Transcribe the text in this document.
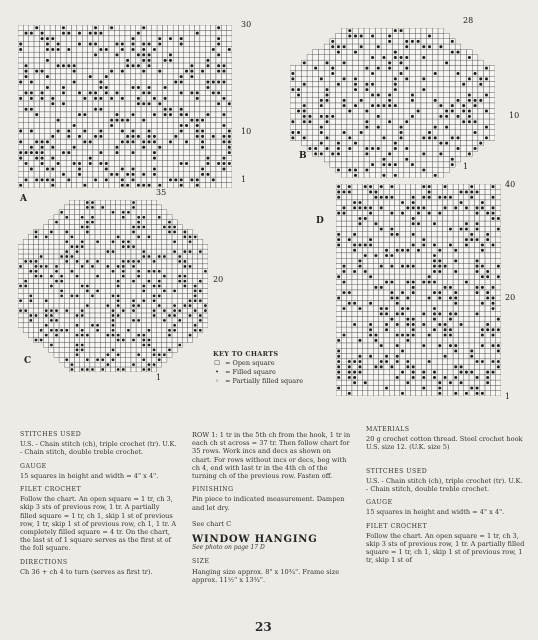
30
10
1
A
28
10
1
B
35
20
1
C
40
20
1
D
KEY TO CHARTS
☐ = Open square
• = Filled square
◦ = Partially filled square
STITCHES USED

U.S. - Chain stitch (ch), triple crochet (tr). U.K. - Chain stitch, double treble crochet.

GAUGE

15 squares in height and width = 4" x 4".

FILET CROCHET

Follow the chart. An open square = 1 tr, ch 3, skip 3 sts of previous row, 1 tr. A partially filled square = 1 tr, ch 1, skip 1 st of previous row, 1 tr, skip 1 st of previous row, ch 1, 1 tr. A completely filled square = 4 tr. On the chart, the last st of 1 square serves as the first st of the foll square.

DIRECTIONS

Ch 36 + ch 4 to turn (serves as first tr).

ROW 1: 1 tr in the 5th ch from the hook, 1 tr in each ch st across = 37 tr. Then follow chart for 35 rows. Work incs and decs as shown on chart. For rows without incs or decs, beg with ch 4, end with last tr in the 4th ch of the turning ch of the previous row. Fasten off.

FINISHING

Pin piece to indicated measurement. Dampen and let dry.

See chart C

WINDOW HANGING
See photo on page 17 D
SIZE

Hanging size approx. 8" x 10¾". Frame size approx. 11½" x 13¾".

MATERIALS

20 g crochet cotton thread. Steel crochet hook U.S. size 12. (U.K. size 5)

STITCHES USED

U.S. - Chain stitch (ch), triple crochet (tr). U.K. - Chain stitch, double treble crochet.

GAUGE

15 squares in height and width = 4" x 4".

FILET CROCHET

Follow the chart. An open square = 1 tr, ch 3, skip 3 sts of previous row, 1 tr. A partially filled square = 1 tr, ch 1, skip 1 st of previous row, 1 tr, skip 1 st of

23
